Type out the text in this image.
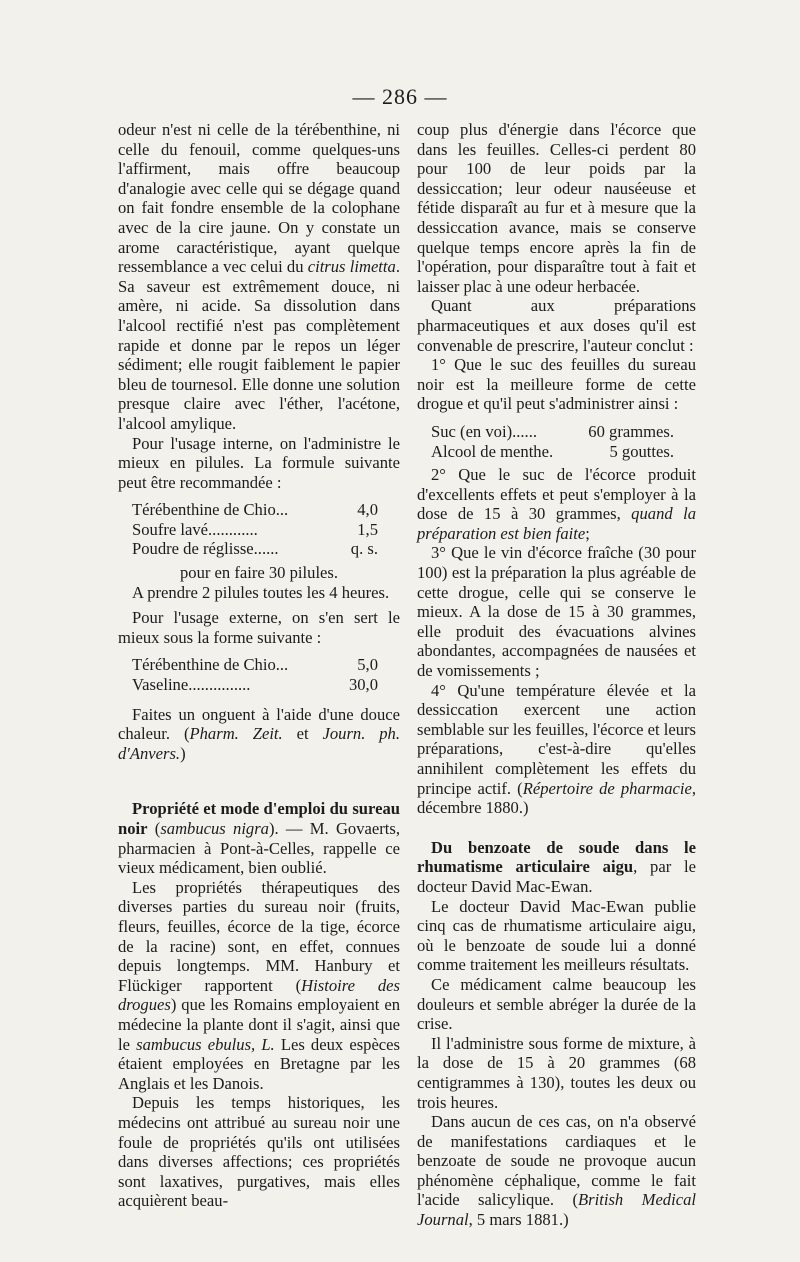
— 286 —

odeur n'est ni celle de la térébenthine, ni celle du fenouil, comme quelques-uns l'affirment, mais offre beaucoup d'analogie avec celle qui se dégage quand on fait fondre ensemble de la colophane avec de la cire jaune. On y constate un arome caractéristique, ayant quelque ressemblance a vec celui du citrus limetta. Sa saveur est extrêmement douce, ni amère, ni acide. Sa dissolution dans l'alcool rectifié n'est pas complètement rapide et donne par le repos un léger sédiment; elle rougit faiblement le papier bleu de tournesol. Elle donne une solution presque claire avec l'éther, l'acétone, l'alcool amylique.

Pour l'usage interne, on l'administre le mieux en pilules. La formule suivante peut être recommandée :

Térébenthine de Chio...	4,0
Soufre lavé............	1,5
Poudre de réglisse......	q. s.

pour en faire 30 pilules.

A prendre 2 pilules toutes les 4 heures.

Pour l'usage externe, on s'en sert le mieux sous la forme suivante :

Térébenthine de Chio...	5,0
Vaseline...............	30,0

Faites un onguent à l'aide d'une douce chaleur. (Pharm. Zeit. et Journ. ph. d'Anvers.)

Propriété et mode d'emploi du sureau noir (sambucus nigra). — M. Govaerts, pharmacien à Pont-à-Celles, rappelle ce vieux médicament, bien oublié.

Les propriétés thérapeutiques des diverses parties du sureau noir (fruits, fleurs, feuilles, écorce de la tige, écorce de la racine) sont, en effet, connues depuis longtemps. MM. Hanbury et Flückiger rapportent (Histoire des drogues) que les Romains employaient en médecine la plante dont il s'agit, ainsi que le sambucus ebulus, L. Les deux espèces étaient employées en Bretagne par les Anglais et les Danois.

Depuis les temps historiques, les médecins ont attribué au sureau noir une foule de propriétés qu'ils ont utilisées dans diverses affections; ces propriétés sont laxatives, purgatives, mais elles acquièrent beau-

coup plus d'énergie dans l'écorce que dans les feuilles. Celles-ci perdent 80 pour 100 de leur poids par la dessiccation; leur odeur nauséeuse et fétide disparaît au fur et à mesure que la dessiccation avance, mais se conserve quelque temps encore après la fin de l'opération, pour disparaître tout à fait et laisser plac à une odeur herbacée.

Quant aux préparations pharmaceutiques et aux doses qu'il est convenable de prescrire, l'auteur conclut :

1° Que le suc des feuilles du sureau noir est la meilleure forme de cette drogue et qu'il peut s'administrer ainsi :

Suc (en voi)......	60 grammes.
Alcool de menthe.	5 gouttes.

2° Que le suc de l'écorce produit d'excellents effets et peut s'employer à la dose de 15 à 30 grammes, quand la préparation est bien faite;

3° Que le vin d'écorce fraîche (30 pour 100) est la préparation la plus agréable de cette drogue, celle qui se conserve le mieux. A la dose de 15 à 30 grammes, elle produit des évacuations alvines abondantes, accompagnées de nausées et de vomissements ;

4° Qu'une température élevée et la dessiccation exercent une action semblable sur les feuilles, l'écorce et leurs préparations, c'est-à-dire qu'elles annihilent complètement les effets du principe actif. (Répertoire de pharmacie, décembre 1880.)

Du benzoate de soude dans le rhumatisme articulaire aigu, par le docteur David Mac-Ewan.

Le docteur David Mac-Ewan publie cinq cas de rhumatisme articulaire aigu, où le benzoate de soude lui a donné comme traitement les meilleurs résultats.

Ce médicament calme beaucoup les douleurs et semble abréger la durée de la crise.

Il l'administre sous forme de mixture, à la dose de 15 à 20 grammes (68 centigrammes à 130), toutes les deux ou trois heures.

Dans aucun de ces cas, on n'a observé de manifestations cardiaques et le benzoate de soude ne provoque aucun phénomène céphalique, comme le fait l'acide salicylique. (British Medical Journal, 5 mars 1881.)
